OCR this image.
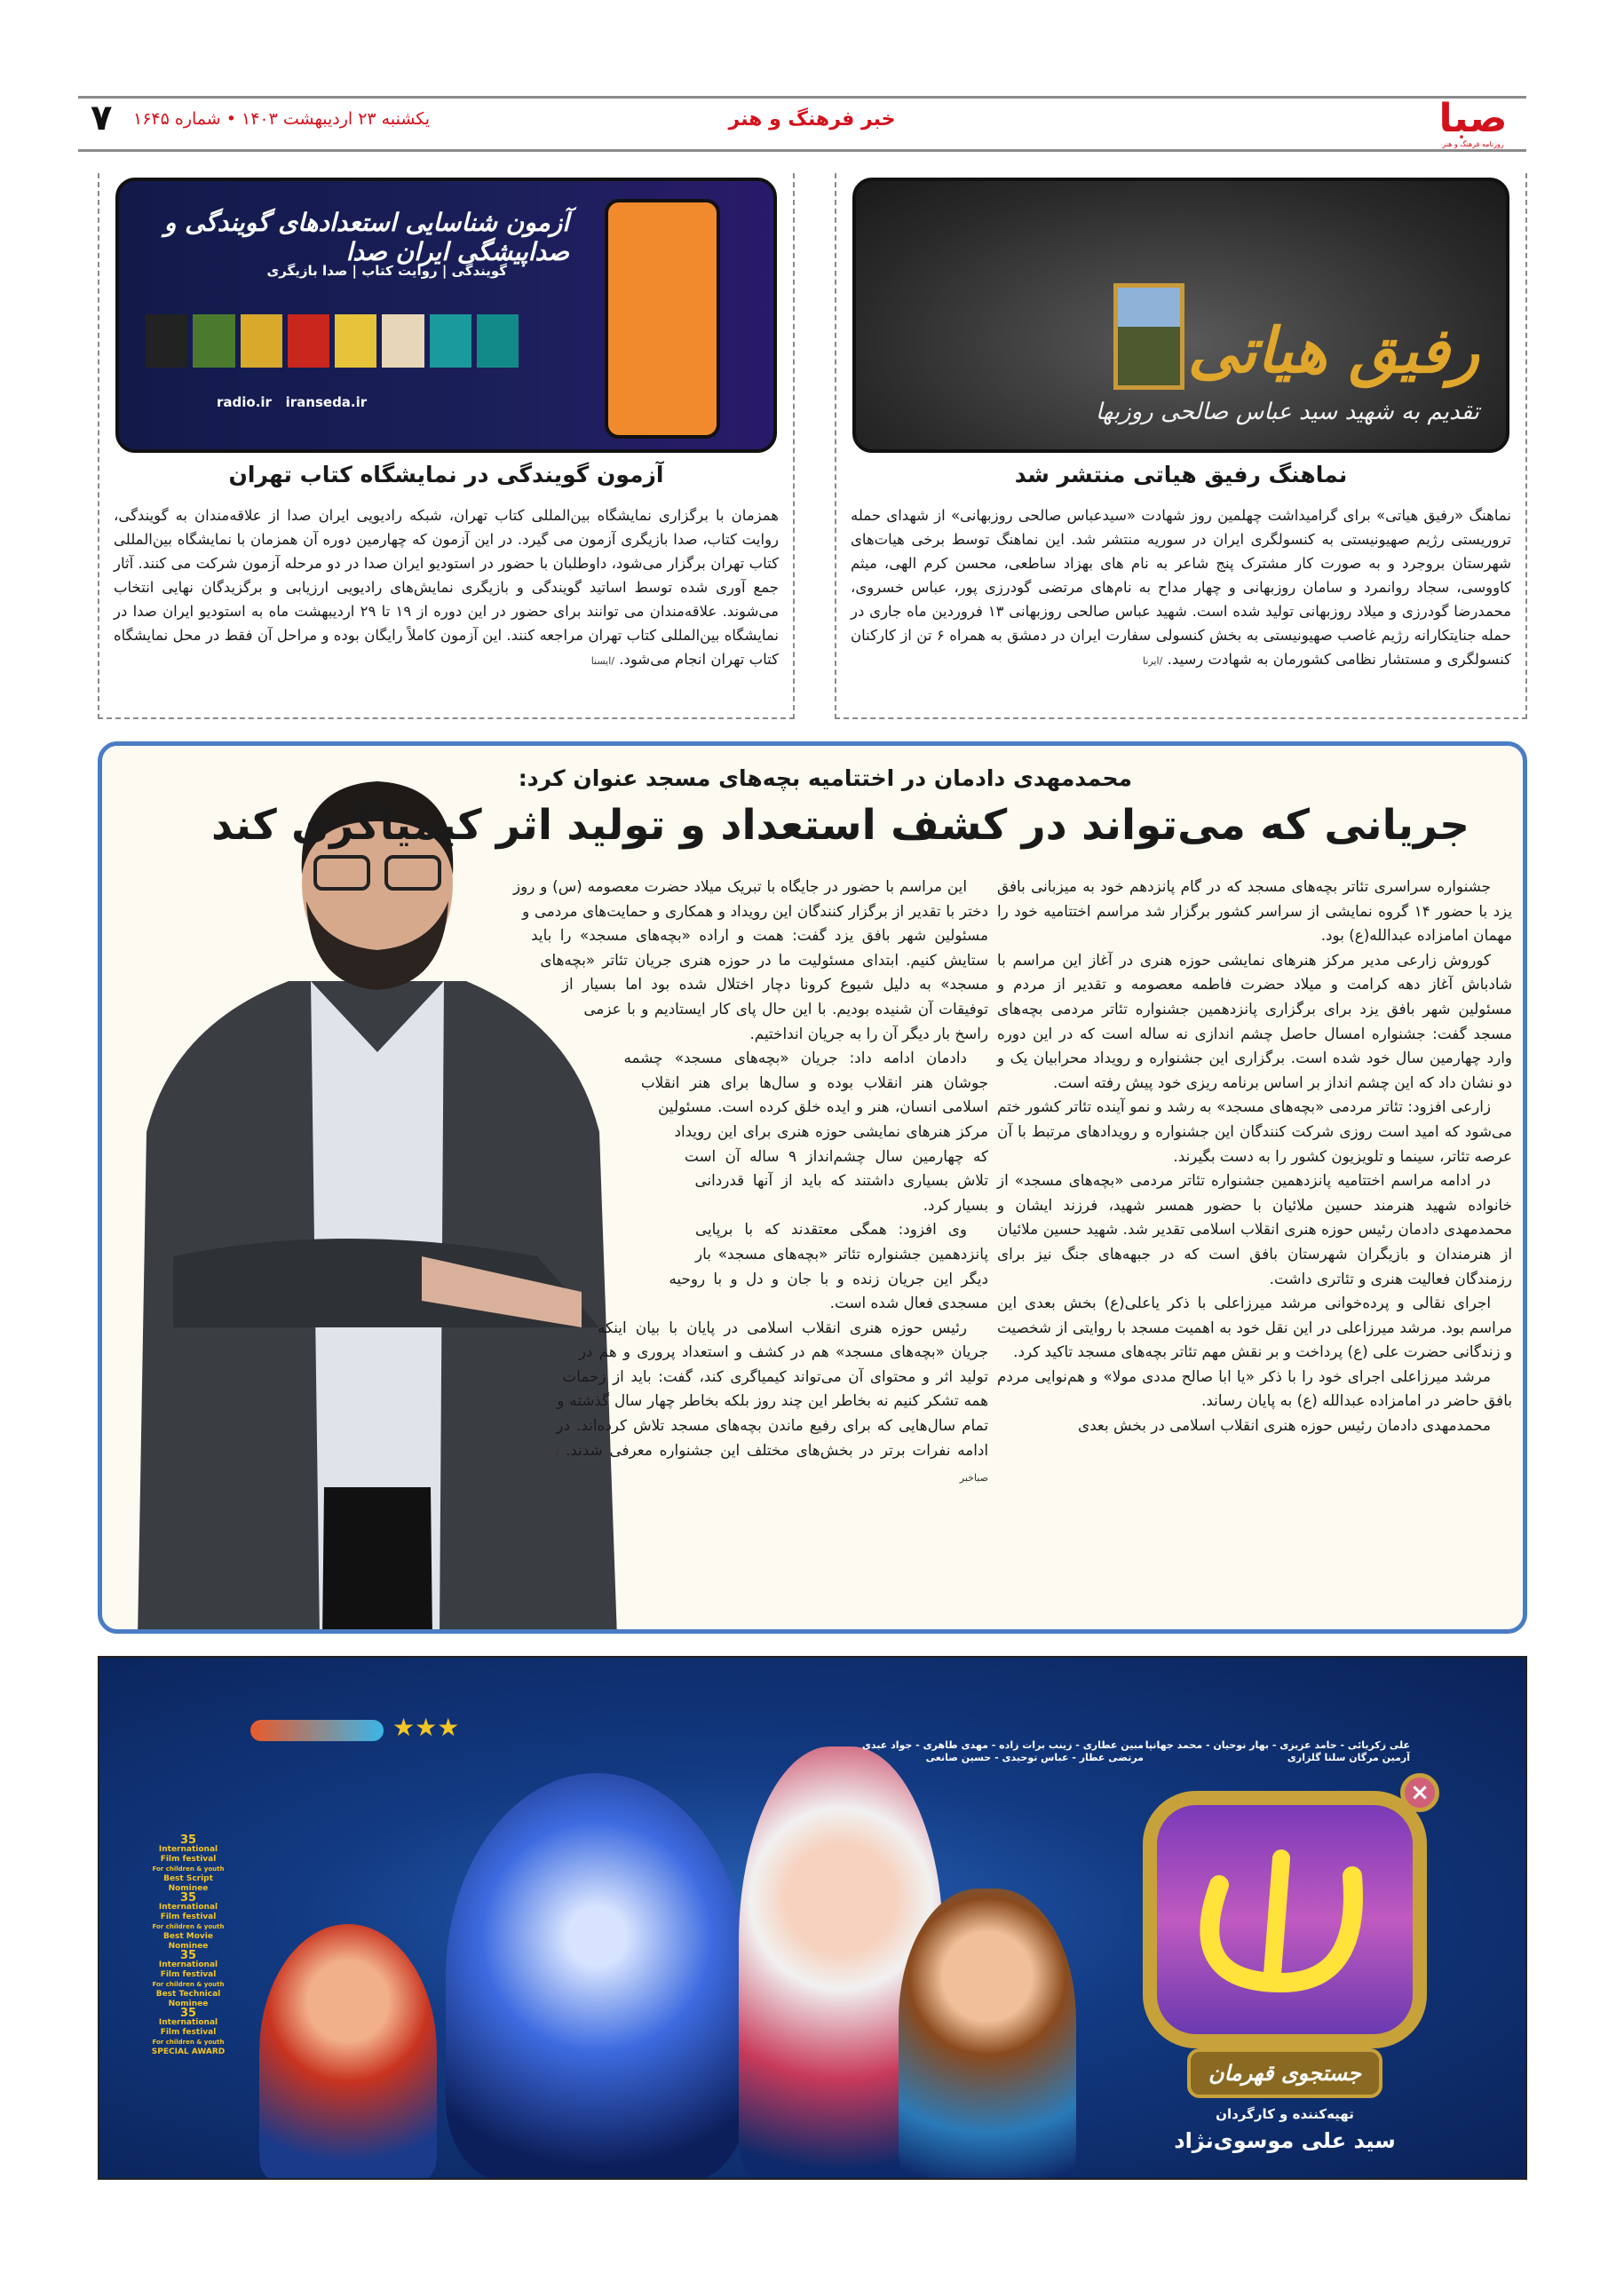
صبا
روزنامه فرهنگ و هنر
خبر فرهنگ و هنر
یکشنبه ۲۳ اردیبهشت ۱۴۰۳ • شماره ۱۶۴۵
۷
رفیق هیاتی
تقدیم به شهید سید عباس صالحی روزبها
نماهنگ رفیق هیاتی منتشر شد
نماهنگ «رفیق هیاتی» برای گرامیداشت چهلمین روز شهادت «سیدعباس صالحی روزبهانی» از شهدای حمله تروریستی رژیم صهیونیستی به کنسولگری ایران در سوریه منتشر شد. این نماهنگ توسط برخی هیات‌های شهرستان بروجرد و به صورت کار مشترک پنج شاعر به نام های بهزاد ساطعی، محسن کرم الهی، میثم کاووسی، سجاد روانمرد و سامان روزبهانی و چهار مداح به نام‌های مرتضی گودرزی پور، عباس خسروی، محمدرضا گودرزی و میلاد روزبهانی تولید شده است. شهید عباس صالحی روزبهانی ۱۳ فروردین ماه جاری در حمله جنایتکارانه رژیم غاصب صهیونیستی به بخش کنسولی سفارت ایران در دمشق به همراه ۶ تن از کارکنان کنسولگری و مستشار نظامی کشورمان به شهادت رسید. /ایرنا
آزمون شناسایی استعدادهای گویندگی و صداپیشگی ایران صدا
گویندگی | روایت کتاب | صدا بازیگری
radio.ir iranseda.ir
آزمون گویندگی در نمایشگاه کتاب تهران
همزمان با برگزاری نمایشگاه بین‌المللی کتاب تهران، شبکه رادیویی ایران صدا از علاقه‌مندان به گویندگی، روایت کتاب، صدا بازیگری آزمون می گیرد. در این آزمون که چهارمین دوره آن همزمان با نمایشگاه بین‌المللی کتاب تهران برگزار می‌شود، داوطلبان با حضور در استودیو ایران صدا در دو مرحله آزمون شرکت می کنند. آثار جمع آوری شده توسط اساتید گویندگی و بازیگری نمایش‌های رادیویی ارزیابی و برگزیدگان نهایی انتخاب می‌شوند. علاقه‌مندان می توانند برای حضور در این دوره از ۱۹ تا ۲۹ اردیبهشت ماه به استودیو ایران صدا در نمایشگاه بین‌المللی کتاب تهران مراجعه کنند. این آزمون کاملاً رایگان بوده و مراحل آن فقط در محل نمایشگاه کتاب تهران انجام می‌شود. /ایسنا
محمدمهدی دادمان در اختتامیه بچه‌های مسجد عنوان کرد:
جریانی که می‌تواند در کشف استعداد و تولید اثر کیمیاگری کند

جشنواره سراسری تئاتر بچه‌های مسجد که در گام پانزدهم خود به میزبانی بافق یزد با حضور ۱۴ گروه نمایشی از سراسر کشور برگزار شد مراسم اختتامیه خود را مهمان امامزاده عبدالله(ع) بود.

کوروش زارعی مدیر مرکز هنرهای نمایشی حوزه هنری در آغاز این مراسم با شادباش آغاز دهه کرامت و میلاد حضرت فاطمه معصومه و تقدیر از مردم و مسئولین شهر بافق یزد برای برگزاری پانزدهمین جشنواره تئاتر مردمی بچه‌های مسجد گفت: جشنواره امسال حاصل چشم اندازی نه ساله است که در این دوره وارد چهارمین سال خود شده است. برگزاری این جشنواره و رویداد محرابیان یک و دو نشان داد که این چشم انداز بر اساس برنامه ریزی خود پیش رفته است.

زارعی افزود: تئاتر مردمی «بچه‌های مسجد» به رشد و نمو آینده تئاتر کشور ختم می‌شود که امید است روزی شرکت کنندگان این جشنواره و رویدادهای مرتبط با آن عرصه تئاتر، سینما و تلویزیون کشور را به دست بگیرند.

در ادامه مراسم اختتامیه پانزدهمین جشنواره تئاتر مردمی «بچه‌های مسجد» از خانواده شهید هنرمند حسین ملائیان با حضور همسر شهید، فرزند ایشان و محمدمهدی دادمان رئیس حوزه هنری انقلاب اسلامی تقدیر شد. شهید حسین ملائیان از هنرمندان و بازیگران شهرستان بافق است که در جبهه‌های جنگ نیز برای رزمندگان فعالیت هنری و تئاتری داشت.

اجرای نقالی و پرده‌خوانی مرشد میرزاعلی با ذکر یاعلی(ع) بخش بعدی این مراسم بود. مرشد میرزاعلی در این نقل خود به اهمیت مسجد با روایتی از شخصیت و زندگانی حضرت علی (ع) پرداخت و بر نقش مهم تئاتر بچه‌های مسجد تاکید کرد.

مرشد میرزاعلی اجرای خود را با ذکر «یا ابا صالح مددی مولا» و هم‌نوایی مردم بافق حاضر در امامزاده عبدالله (ع) به پایان رساند.

محمدمهدی دادمان رئیس حوزه هنری انقلاب اسلامی در بخش بعدی

این مراسم با حضور در جایگاه با تبریک میلاد حضرت معصومه (س) و روز دختر با تقدیر از برگزار کنندگان این رویداد و همکاری و حمایت‌های مردمی و مسئولین شهر بافق یزد گفت: همت و اراده «بچه‌های مسجد» را باید ستایش کنیم. ابتدای مسئولیت ما در حوزه هنری جریان تئاتر «بچه‌های مسجد» به دلیل شیوع کرونا دچار اختلال شده بود اما بسیار از توفیقات آن شنیده بودیم. با این حال پای کار ایستادیم و با عزمی راسخ بار دیگر آن را به جریان انداختیم.

دادمان ادامه داد: جریان «بچه‌های مسجد» چشمه جوشان هنر انقلاب بوده و سال‌ها برای هنر انقلاب اسلامی انسان، هنر و ایده خلق کرده است. مسئولین مرکز هنرهای نمایشی حوزه هنری برای این رویداد که چهارمین سال چشم‌انداز ۹ ساله آن است تلاش بسیاری داشتند که باید از آنها قدردانی بسیار کرد.

وی افزود: همگی معتقدند که با برپایی پانزدهمین جشنواره تئاتر «بچه‌های مسجد» بار دیگر این جریان زنده و با جان و دل و با روحیه مسجدی فعال شده است.

رئیس حوزه هنری انقلاب اسلامی در پایان با بیان اینکه جریان «بچه‌های مسجد» هم در کشف و استعداد پروری و هم در تولید اثر و محتوای آن می‌تواند کیمیاگری کند، گفت: باید از زحمات همه تشکر کنیم نه بخاطر این چند روز بلکه بخاطر چهار سال گذشته و تمام سال‌هایی که برای رفیع ماندن بچه‌های مسجد تلاش کرده‌اند. در ادامه نفرات برتر در بخش‌های مختلف این جشنواره معرفی شدند. /صباخبر

35
International
Film festival
For children & youth
Best Script Nominee
35
International
Film festival
For children & youth
Best Movie Nominee
35
International
Film festival
For children & youth
Best Technical Nominee
35
International
Film festival
For children & youth
SPECIAL AWARD
★★★
علی زکریائی - حامد عزیزی - بهار نوحیان - محمد جهانپا
آرمین مرگان سلنا گلزاری
مبین عطاری - زینب برات زاده - مهدی طاهری - جواد عبدی
مرتضی عطار - عباس توحیدی - حسین صانعی
×
جستجوی قهرمان
تهیه‌کننده و کارگردان
سید علی موسوی‌نژاد
